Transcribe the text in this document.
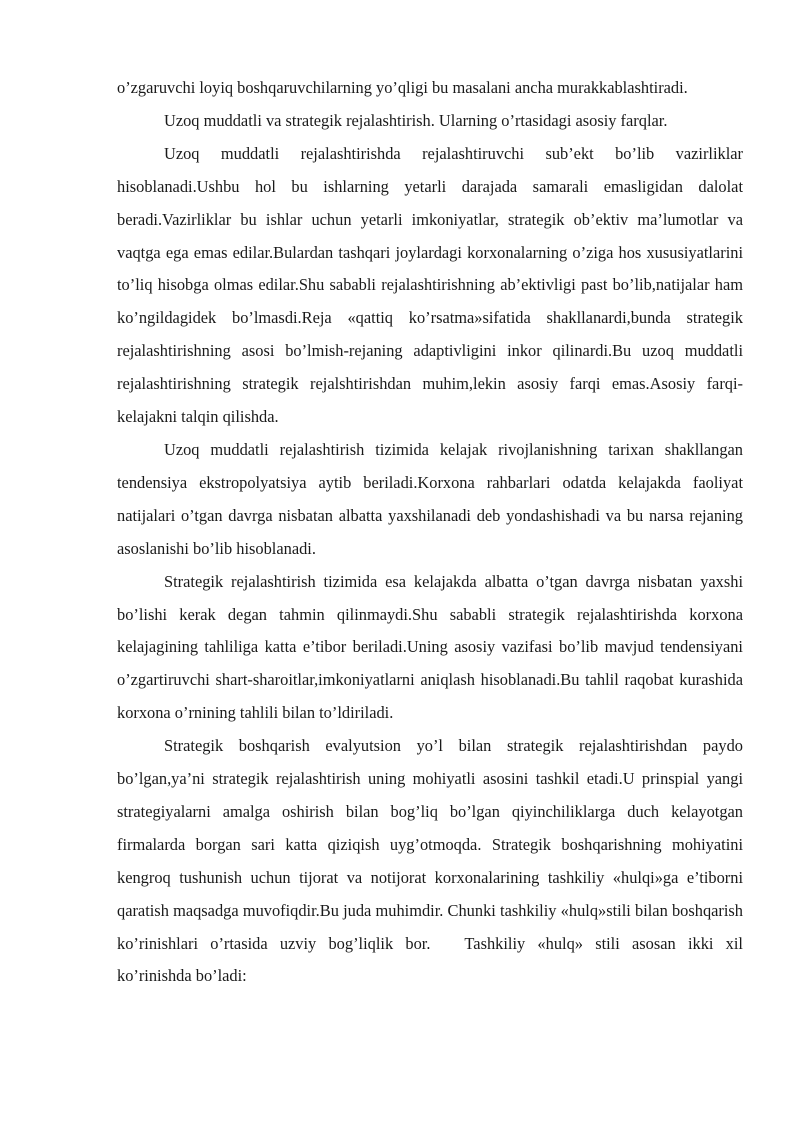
o’zgaruvchi loyiq boshqaruvchilarning yo’qligi bu masalani ancha murakkablashtiradi.

Uzoq muddatli va strategik rejalashtirish. Ularning o’rtasidagi asosiy farqlar.

Uzoq muddatli rejalashtirishda rejalashtiruvchi sub’ekt bo’lib vazirliklar hisoblanadi.Ushbu hol bu ishlarning yetarli darajada samarali emasligidan dalolat beradi.Vazirliklar bu ishlar uchun yetarli imkoniyatlar, strategik ob’ektiv ma’lumotlar va vaqtga ega emas edilar.Bulardan tashqari joylardagi korxonalarning o’ziga hos xususiyatlarini to’liq hisobga olmas edilar.Shu sababli rejalashtirishning ab’ektivligi past bo’lib,natijalar ham ko’ngildagidek bo’lmasdi.Reja «qattiq ko’rsatma»sifatida shakllanardi,bunda strategik rejalashtirishning asosi bo’lmish-rejaning adaptivligini inkor qilinardi.Bu uzoq muddatli rejalashtirishning strategik rejalshtirishdan muhim,lekin asosiy farqi emas.Asosiy farqi-kelajakni talqin qilishda.

Uzoq muddatli rejalashtirish tizimida kelajak rivojlanishning tarixan shakllangan tendensiya ekstropolyatsiya aytib beriladi.Korxona rahbarlari odatda kelajakda faoliyat natijalari o’tgan davrga nisbatan albatta yaxshilanadi deb yondashishadi va bu narsa rejaning asoslanishi bo’lib hisoblanadi.

Strategik rejalashtirish tizimida esa kelajakda albatta o’tgan davrga nisbatan yaxshi bo’lishi kerak degan tahmin qilinmaydi.Shu sababli strategik rejalashtirishda korxona kelajagining tahliliga katta e’tibor beriladi.Uning asosiy vazifasi bo’lib mavjud tendensiyani o’zgartiruvchi shart-sharoitlar,imkoniyatlarni aniqlash hisoblanadi.Bu tahlil raqobat kurashida korxona o’rnining tahlili bilan to’ldiriladi.

Strategik boshqarish evalyutsion yo’l bilan strategik rejalashtirishdan paydo bo’lgan,ya’ni strategik rejalashtirish uning mohiyatli asosini tashkil etadi.U prinspial yangi strategiyalarni amalga oshirish bilan bog’liq bo’lgan qiyinchiliklarga duch kelayotgan firmalarda borgan sari katta qiziqish uyg’otmoqda. Strategik boshqarishning mohiyatini kengroq tushunish uchun tijorat va notijorat korxonalarining tashkiliy «hulqi»ga e’tiborni qaratish maqsadga muvofiqdir.Bu juda muhimdir. Chunki tashkiliy «hulq»stili bilan boshqarish ko’rinishlari o’rtasida uzviy bog’liqlik bor. Tashkiliy «hulq» stili asosan ikki xil ko’rinishda bo’ladi:
